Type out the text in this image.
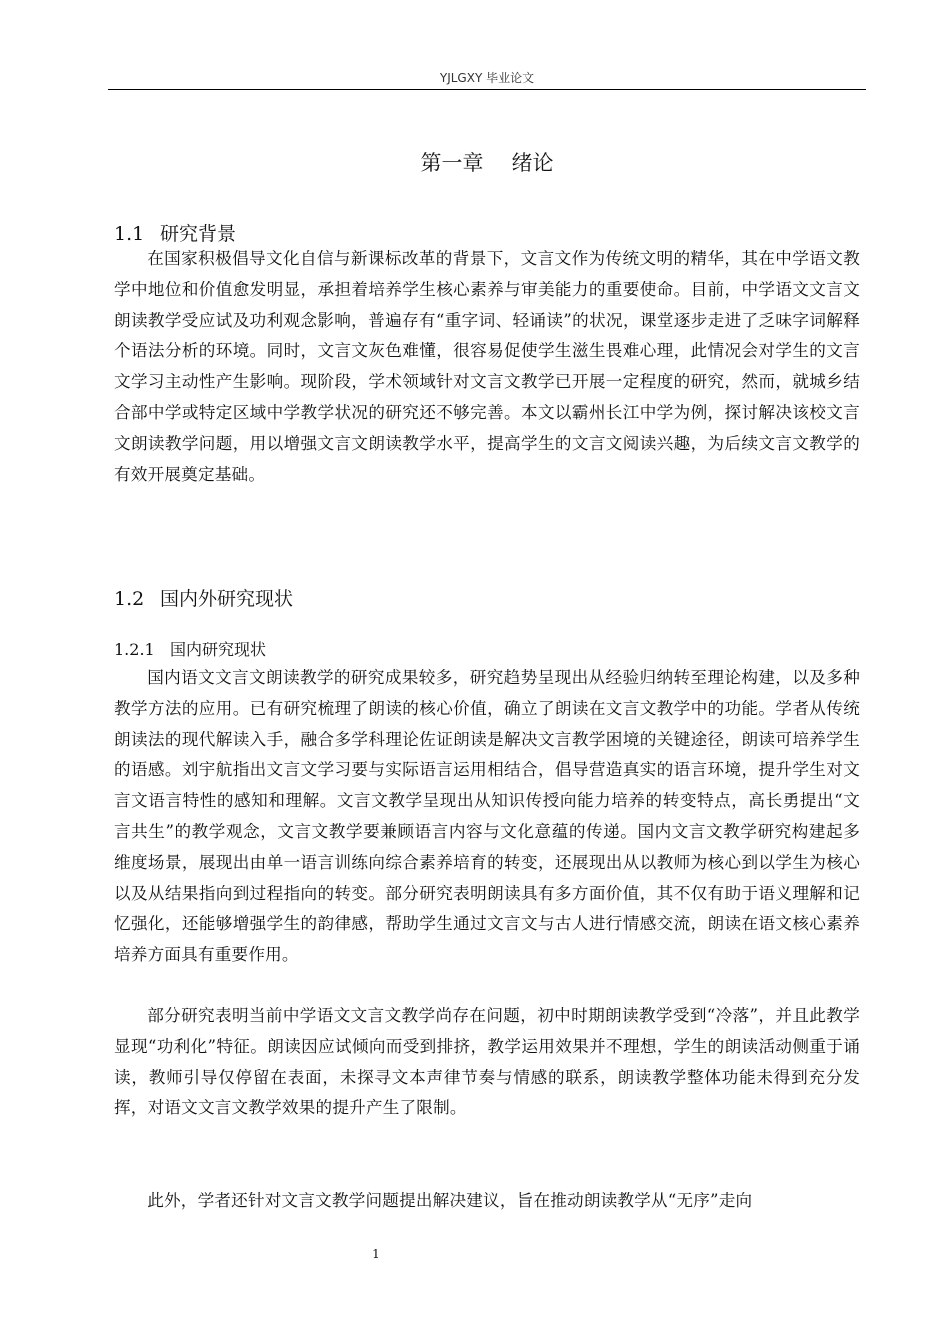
YJLGXY 毕业论文
第一章 绪论
1.1 研究背景

在国家积极倡导文化自信与新课标改革的背景下，文言文作为传统文明的精华，其在中学语文教学中地位和价值愈发明显，承担着培养学生核心素养与审美能力的重要使命。目前，中学语文文言文朗读教学受应试及功利观念影响，普遍存有“重字词、轻诵读”的状况，课堂逐步走进了乏味字词解释个语法分析的环境。同时，文言文灰色难懂，很容易促使学生滋生畏难心理，此情况会对学生的文言文学习主动性产生影响。现阶段，学术领域针对文言文教学已开展一定程度的研究，然而，就城乡结合部中学或特定区域中学教学状况的研究还不够完善。本文以霸州长江中学为例，探讨解决该校文言文朗读教学问题，用以增强文言文朗读教学水平，提高学生的文言文阅读兴趣，为后续文言文教学的有效开展奠定基础。

1.2 国内外研究现状
1.2.1 国内研究现状

国内语文文言文朗读教学的研究成果较多，研究趋势呈现出从经验归纳转至理论构建，以及多种教学方法的应用。已有研究梳理了朗读的核心价值，确立了朗读在文言文教学中的功能。学者从传统朗读法的现代解读入手，融合多学科理论佐证朗读是解决文言教学困境的关键途径，朗读可培养学生的语感。刘宇航指出文言文学习要与实际语言运用相结合，倡导营造真实的语言环境，提升学生对文言文语言特性的感知和理解。文言文教学呈现出从知识传授向能力培养的转变特点，高长勇提出“文言共生”的教学观念，文言文教学要兼顾语言内容与文化意蕴的传递。国内文言文教学研究构建起多维度场景，展现出由单一语言训练向综合素养培育的转变，还展现出从以教师为核心到以学生为核心以及从结果指向到过程指向的转变。部分研究表明朗读具有多方面价值，其不仅有助于语义理解和记忆强化，还能够增强学生的韵律感，帮助学生通过文言文与古人进行情感交流，朗读在语文核心素养培养方面具有重要作用。

部分研究表明当前中学语文文言文教学尚存在问题，初中时期朗读教学受到“冷落”，并且此教学显现“功利化”特征。朗读因应试倾向而受到排挤，教学运用效果并不理想，学生的朗读活动侧重于诵读，教师引导仅停留在表面，未探寻文本声律节奏与情感的联系，朗读教学整体功能未得到充分发挥，对语文文言文教学效果的提升产生了限制。

此外，学者还针对文言文教学问题提出解决建议，旨在推动朗读教学从“无序”走向

1
